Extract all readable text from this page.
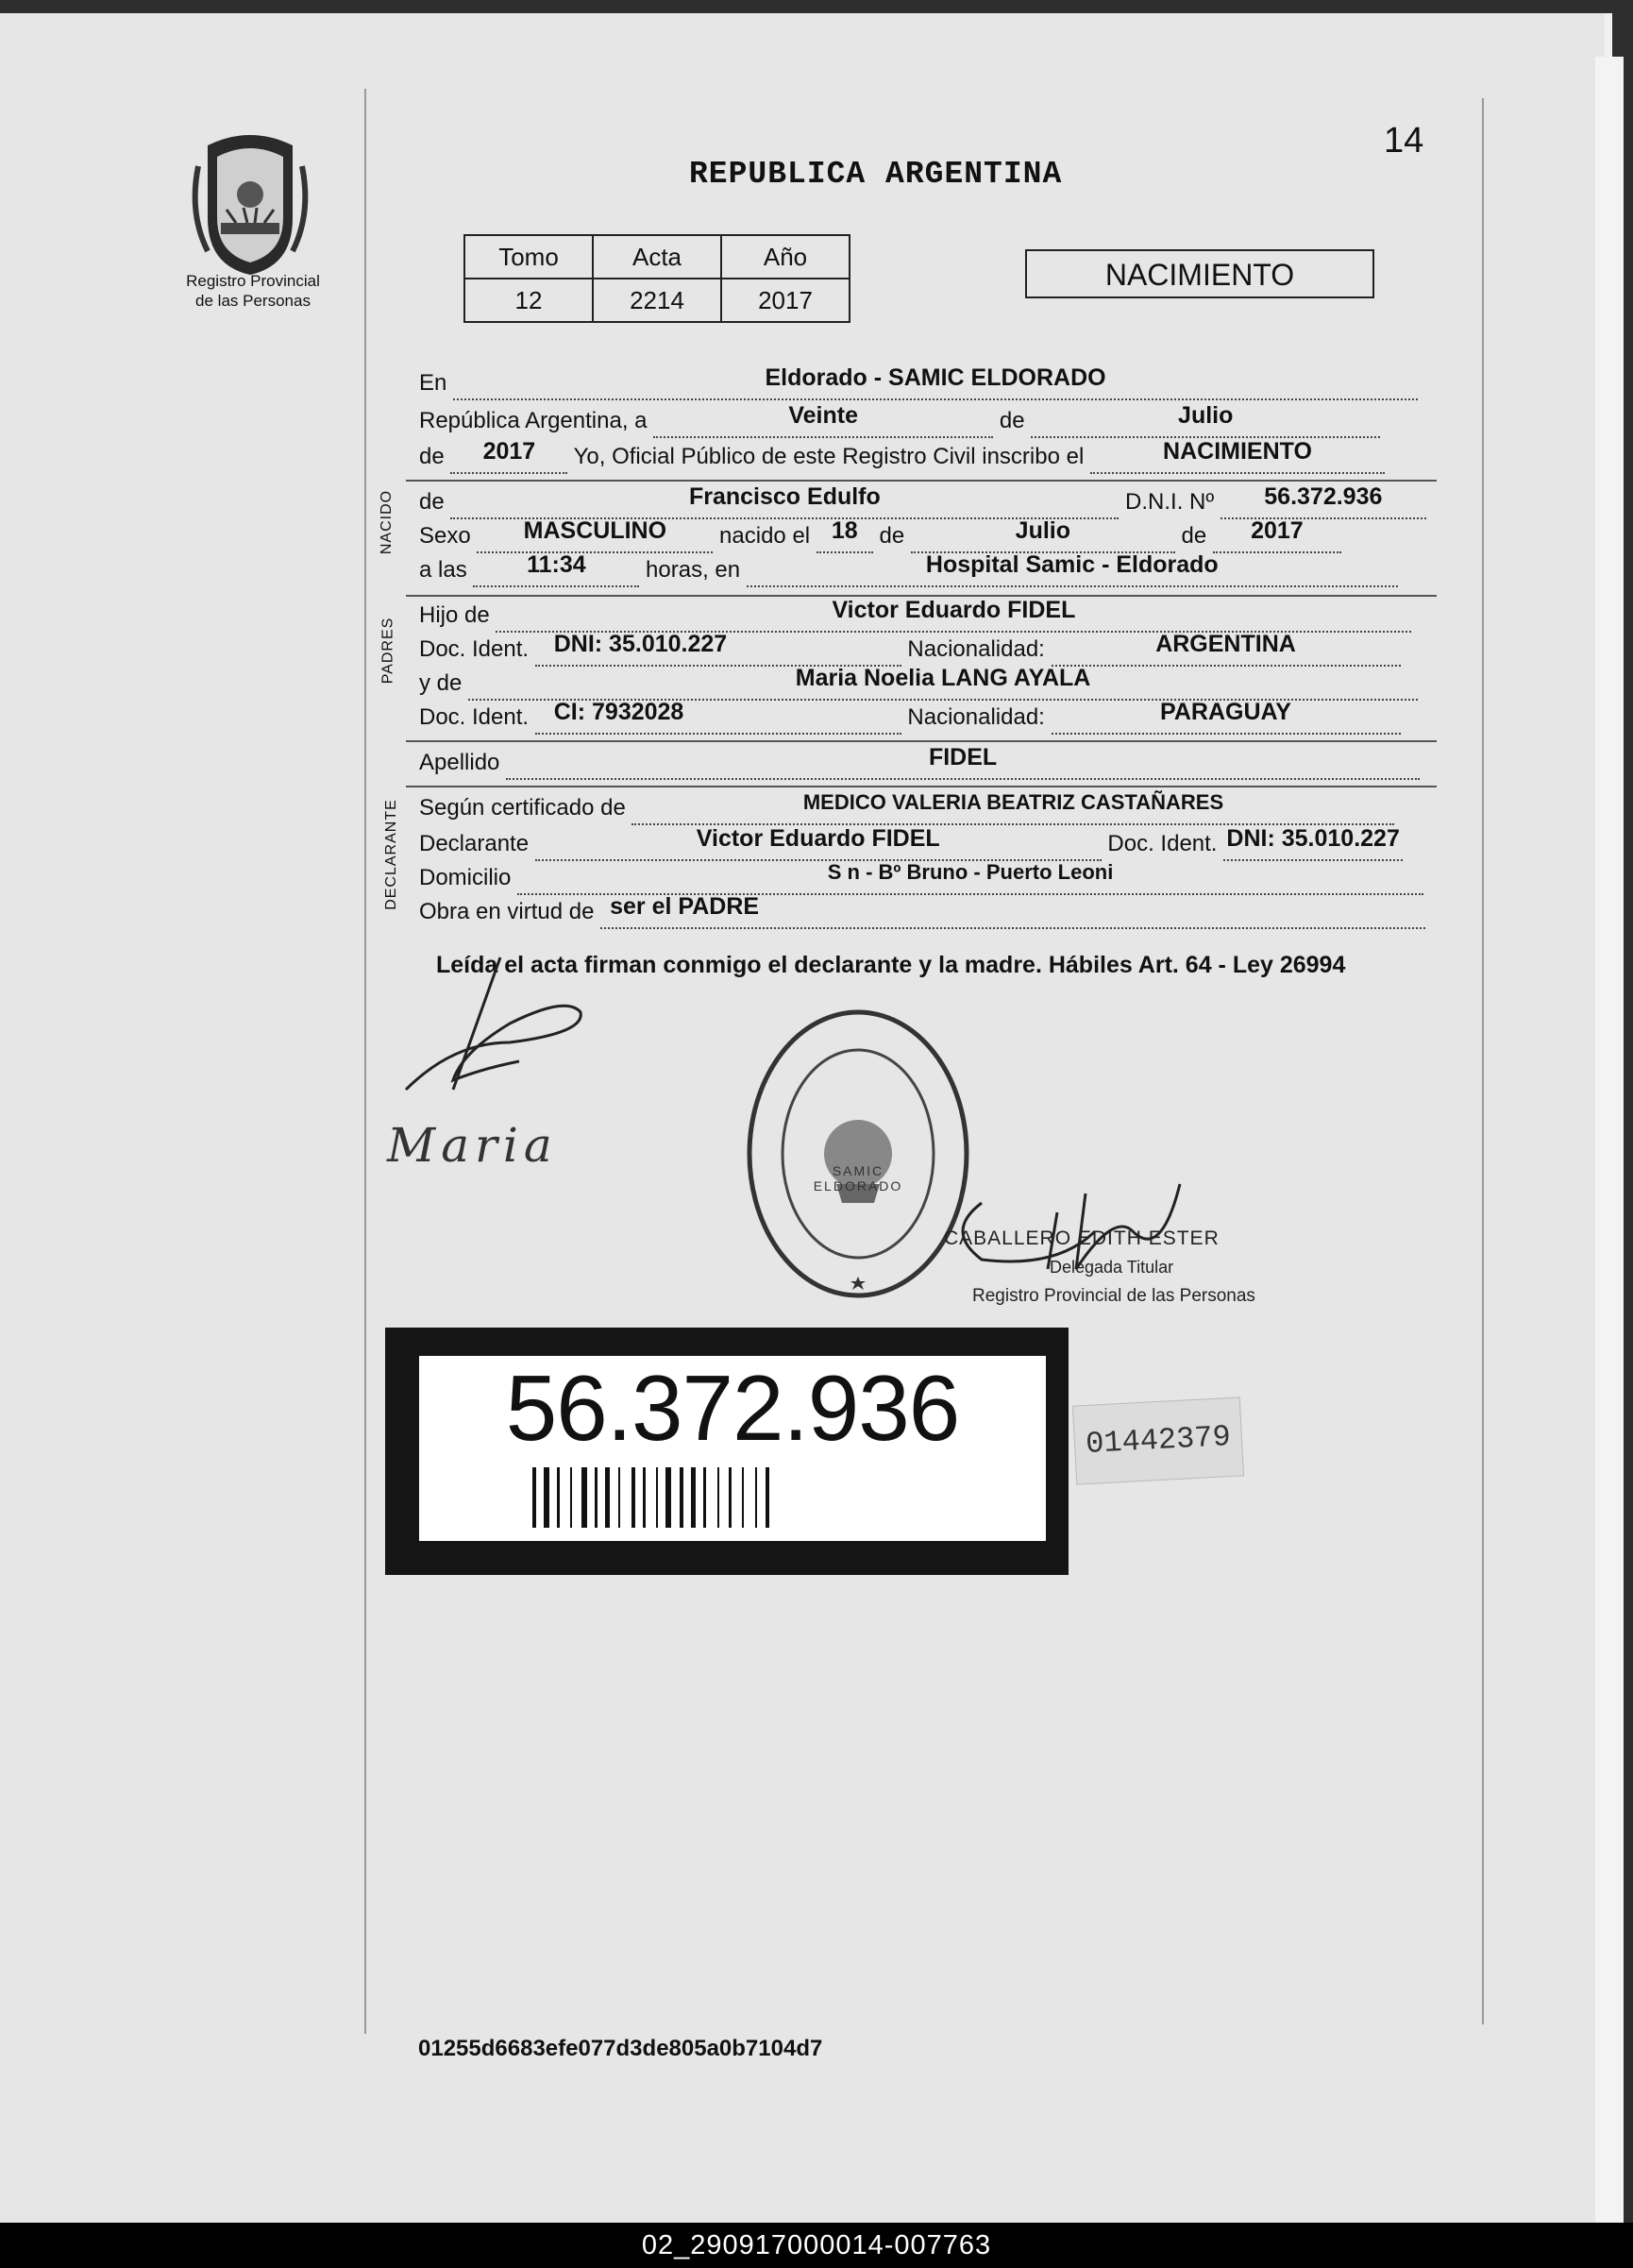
Registro Provincial
de las Personas
REPUBLICA ARGENTINA
14
Tomo	Acta	Año
12	2214	2017
NACIMIENTO
NACIDO
PADRES
DECLARANTE
En	Eldorado - SAMIC ELDORADO
República Argentina, a	Veinte	de	Julio
de	2017	Yo, Oficial Público de este Registro Civil inscribo el	NACIMIENTO
de	Francisco Edulfo	D.N.I. Nº	56.372.936
Sexo	MASCULINO	nacido el 18 de	Julio	de	2017
a las	11:34	horas, en	Hospital Samic - Eldorado
Hijo de	Victor Eduardo FIDEL
Doc. Ident.	DNI: 35.010.227	Nacionalidad:	ARGENTINA
y de	Maria Noelia LANG AYALA
Doc. Ident.	CI: 7932028	Nacionalidad:	PARAGUAY
Apellido	FIDEL
Según certificado de	MEDICO VALERIA BEATRIZ CASTAÑARES
Declarante	Victor Eduardo FIDEL	Doc. Ident. DNI: 35.010.227
Domicilio	S n - Bº Bruno - Puerto Leoni
Obra en virtud de ser el PADRE
Leída el acta firman conmigo el declarante y la madre. Hábiles Art. 64 - Ley 26994
Maria	SAMIC ELDORADO
CABALLERO EDITH ESTER
Delegada Titular
Registro Provincial de las Personas
56.372.936	01442379
01255d6683efe077d3de805a0b7104d7
02_290917000014-007763
